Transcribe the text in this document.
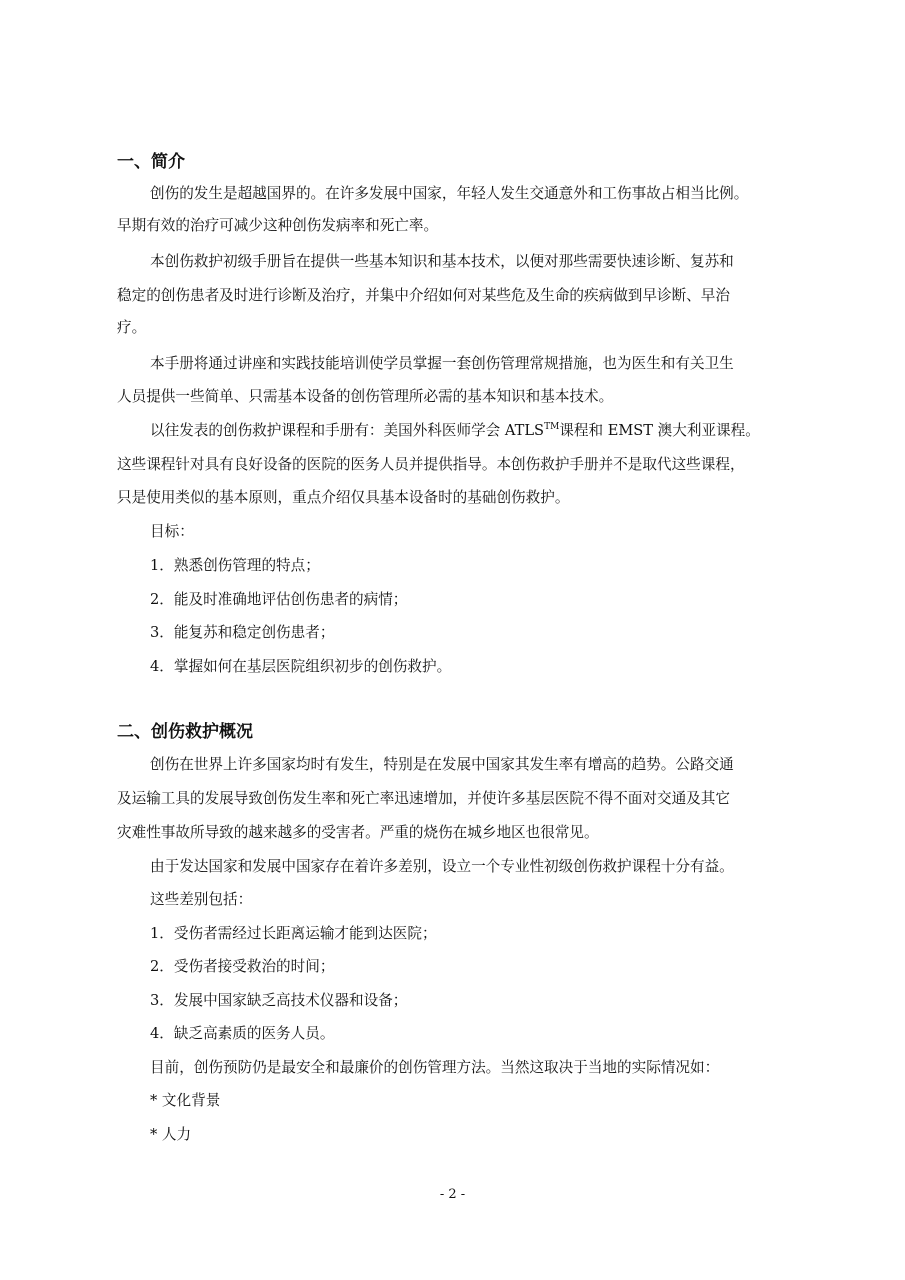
一、简介
创伤的发生是超越国界的。在许多发展中国家，年轻人发生交通意外和工伤事故占相当比例。
早期有效的治疗可减少这种创伤发病率和死亡率。
本创伤救护初级手册旨在提供一些基本知识和基本技术，以便对那些需要快速诊断、复苏和
稳定的创伤患者及时进行诊断及治疗，并集中介绍如何对某些危及生命的疾病做到早诊断、早治
疗。
本手册将通过讲座和实践技能培训使学员掌握一套创伤管理常规措施，也为医生和有关卫生
人员提供一些简单、只需基本设备的创伤管理所必需的基本知识和基本技术。
以往发表的创伤救护课程和手册有：美国外科医师学会 ATLS™课程和 EMST 澳大利亚课程。
这些课程针对具有良好设备的医院的医务人员并提供指导。本创伤救护手册并不是取代这些课程，
只是使用类似的基本原则，重点介绍仅具基本设备时的基础创伤救护。
目标：
1．熟悉创伤管理的特点；
2．能及时准确地评估创伤患者的病情；
3．能复苏和稳定创伤患者；
4．掌握如何在基层医院组织初步的创伤救护。
二、创伤救护概况
创伤在世界上许多国家均时有发生，特别是在发展中国家其发生率有增高的趋势。公路交通
及运输工具的发展导致创伤发生率和死亡率迅速增加，并使许多基层医院不得不面对交通及其它
灾难性事故所导致的越来越多的受害者。严重的烧伤在城乡地区也很常见。
由于发达国家和发展中国家存在着许多差别，设立一个专业性初级创伤救护课程十分有益。
这些差别包括：
1．受伤者需经过长距离运输才能到达医院；
2．受伤者接受救治的时间；
3．发展中国家缺乏高技术仪器和设备；
4．缺乏高素质的医务人员。
目前，创伤预防仍是最安全和最廉价的创伤管理方法。当然这取决于当地的实际情况如：
* 文化背景
* 人力
- 2 -
